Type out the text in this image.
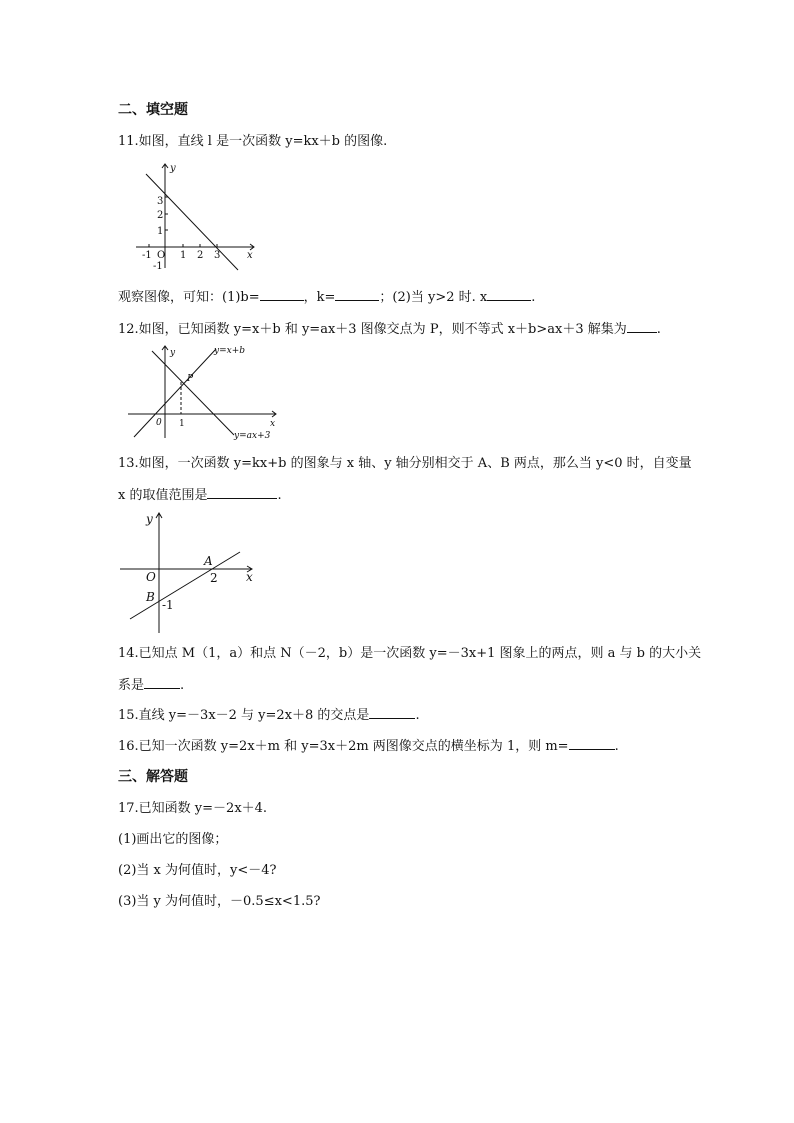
二、填空题
11.如图，直线 l 是一次函数 y=kx＋b 的图像.
y
x
3
2
1
-1
-1 O 1 2 3
观察图像，可知：(1)b=	，k=	；(2)当 y>2 时. x	.
12.如图，已知函数 y=x＋b 和 y=ax＋3 图像交点为 P，则不等式 x＋b>ax＋3 解集为 .
y=x+b
y=ax+3
P
x
y
0 1
13.如图，一次函数 y=kx+b 的图象与 x 轴、y 轴分别相交于 A、B 两点，那么当 y<0 时，自变量
x 的取值范围是	.
y
x
O
A
B
2
-1
14.已知点 M（1，a）和点 N（－2，b）是一次函数 y=－3x+1 图象上的两点，则 a 与 b 的大小关
系是	.
15.直线 y=－3x－2 与 y=2x＋8 的交点是	.
16.已知一次函数 y=2x＋m 和 y=3x＋2m 两图像交点的横坐标为 1，则 m=	.
三、解答题
17.已知函数 y=－2x＋4.
(1)画出它的图像；
(2)当 x 为何值时，y<－4?
(3)当 y 为何值时，－0.5≤x<1.5?
